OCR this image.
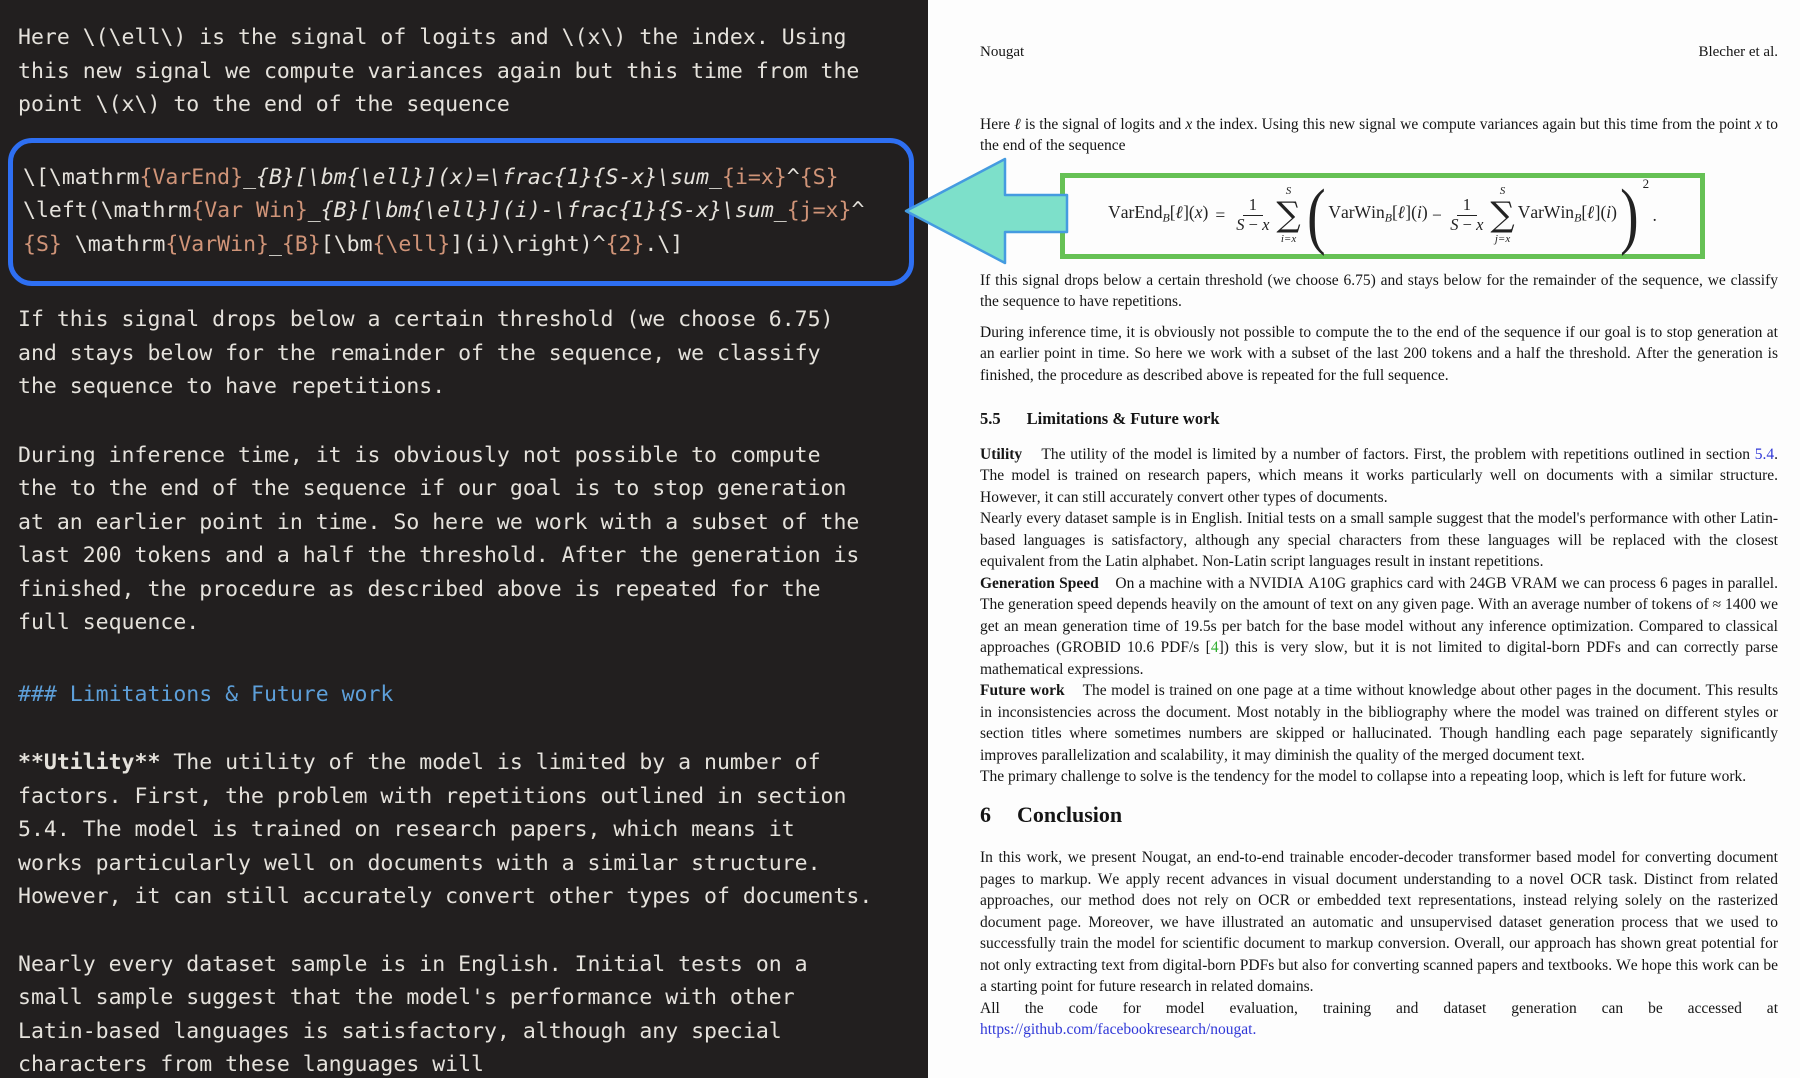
Here \(\ell\) is the signal of logits and \(x\) the index. Using
this new signal we compute variances again but this time from the
point \(x\) to the end of the sequence
\[\mathrm{VarEnd}_{B}[\bm{\ell}](x)=\frac{1}{S-x}\sum_{i=x}^{S}
\left(\mathrm{Var Win}_{B}[\bm{\ell}](i)-\frac{1}{S-x}\sum_{j=x}^
{S} \mathrm{VarWin}_{B}[\bm{\ell}](i)\right)^{2}.\]
If this signal drops below a certain threshold (we choose 6.75)
and stays below for the remainder of the sequence, we classify
the sequence to have repetitions.
During inference time, it is obviously not possible to compute
the to the end of the sequence if our goal is to stop generation
at an earlier point in time. So here we work with a subset of the
last 200 tokens and a half the threshold. After the generation is
finished, the procedure as described above is repeated for the
full sequence.
### Limitations & Future work
**Utility** The utility of the model is limited by a number of
factors. First, the problem with repetitions outlined in section
5.4. The model is trained on research papers, which means it
works particularly well on documents with a similar structure.
However, it can still accurately convert other types of documents.
Nearly every dataset sample is in English. Initial tests on a
small sample suggest that the model's performance with other
Latin-based languages is satisfactory, although any special
characters from these languages will
Nougat	Blecher et al.

Here ℓ is the signal of logits and x the index. Using this new signal we compute variances again but this time from the point x to the end of the sequence

VarEnd$_B$[ℓ](x) = $\frac{1}{S - x}$
S
∑
i=x ( VarWin$_B$[ℓ](i) − $\frac{1}{S - x}$
S
∑
j=x
VarWin$_B$[ℓ](i) ) $^2$
.

If this signal drops below a certain threshold (we choose 6.75) and stays below for the remainder of the sequence, we classify the sequence to have repetitions.

During inference time, it is obviously not possible to compute the to the end of the sequence if our goal is to stop generation at an earlier point in time. So here we work with a subset of the last 200 tokens and a half the threshold. After the generation is finished, the procedure as described above is repeated for the full sequence.

5.5 Limitations & Future work

Utility    The utility of the model is limited by a number of factors. First, the problem with repetitions outlined in section 5.4. The model is trained on research papers, which means it works particularly well on documents with a similar structure. However, it can still accurately convert other types of documents.

Nearly every dataset sample is in English. Initial tests on a small sample suggest that the model's performance with other Latin-based languages is satisfactory, although any special characters from these languages will be replaced with the closest equivalent from the Latin alphabet. Non-Latin script languages result in instant repetitions.

Generation Speed    On a machine with a NVIDIA A10G graphics card with 24GB VRAM we can process 6 pages in parallel. The generation speed depends heavily on the amount of text on any given page. With an average number of tokens of ≈ 1400 we get an mean generation time of 19.5s per batch for the base model without any inference optimization. Compared to classical approaches (GROBID 10.6 PDF/s [4]) this is very slow, but it is not limited to digital-born PDFs and can correctly parse mathematical expressions.

Future work    The model is trained on one page at a time without knowledge about other pages in the document. This results in inconsistencies across the document. Most notably in the bibliography where the model was trained on different styles or section titles where sometimes numbers are skipped or hallucinated. Though handling each page separately significantly improves parallelization and scalability, it may diminish the quality of the merged document text.

The primary challenge to solve is the tendency for the model to collapse into a repeating loop, which is left for future work.

6 Conclusion

In this work, we present Nougat, an end-to-end trainable encoder-decoder transformer based model for converting document pages to markup. We apply recent advances in visual document understanding to a novel OCR task. Distinct from related approaches, our method does not rely on OCR or embedded text representations, instead relying solely on the rasterized document page. Moreover, we have illustrated an automatic and unsupervised dataset generation process that we used to successfully train the model for scientific document to markup conversion. Overall, our approach has shown great potential for not only extracting text from digital-born PDFs but also for converting scanned papers and textbooks. We hope this work can be a starting point for future research in related domains.

All the code for model evaluation, training and dataset generation can be accessed at https://github.com/facebookresearch/nougat.
